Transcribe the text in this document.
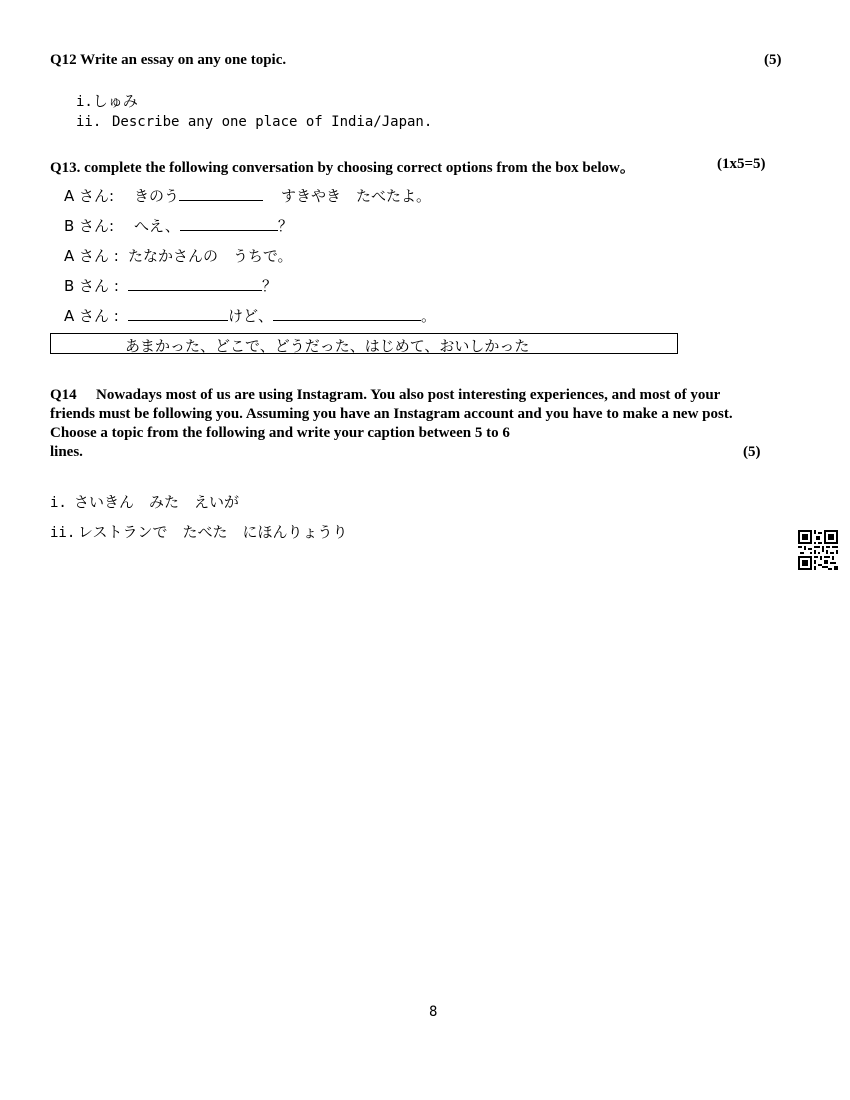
Q12 Write an essay on any one topic.	(5)
i.しゅみ
ii. Describe any one place of India/Japan.
Q13. complete the following conversation by choosing correct options from the box below。	(1x5=5)
A さん: きのう	すきやき　たべたよ。
B さん: へえ、	？
A さん : たなかさんの　うちで。
B さん :	？
A さん :	けど、	。
あまかった、どこで、どうだった、はじめて、おいしかった
Q14 Nowadays most of us are using Instagram. You also post interesting experiences, and most of your
friends must be following you. Assuming you have an Instagram account and you have to make a new post.
Choose a topic from the following and write your caption between 5 to 6
lines.	(5)
i. さいきん　みた　えいが
ii. レストランで　たべた　にほんりょうり
8
